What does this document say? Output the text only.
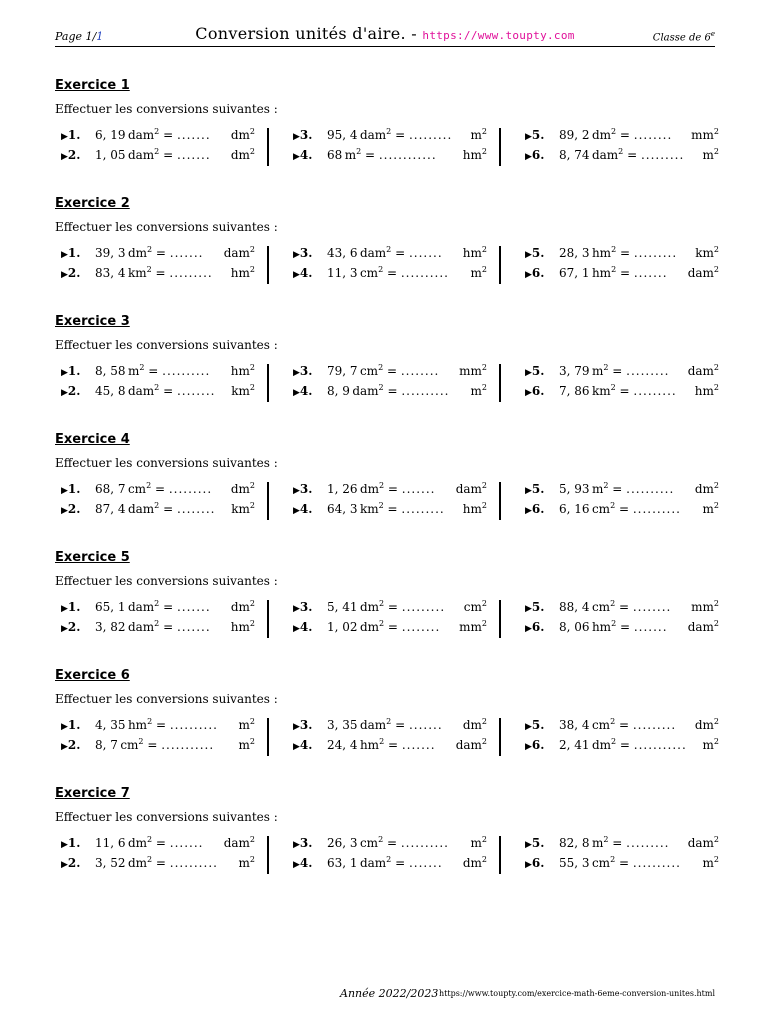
Page 1/1	Conversion unités d'aire. - https://www.toupty.com	Classe de 6e
Exercice 1
Effectuer les conversions suivantes :
▶1. 6, 19  dam$^2$ = ....... $dm^2$
▶2. 1, 05  dam$^2$ = ....... $dm^2$
▶3. 95, 4  dam$^2$ = ......... $m^2$
▶4. 68  $m^2$ = ............ $hm^2$
▶5. 89, 2  $dm^2$ = ........ $mm^2$
▶6. 8, 74  dam$^2$ = ......... $m^2$
Exercice 2
Effectuer les conversions suivantes :
▶1. 39, 3  $dm^2$ = ....... dam$^2$
▶2. 83, 4  $km^2$ = ......... $hm^2$
▶3. 43, 6  dam$^2$ = ....... $hm^2$
▶4. 11, 3  $cm^2$ = .......... $m^2$
▶5. 28, 3  $hm^2$ = ......... $km^2$
▶6. 67, 1  $hm^2$ = ....... dam$^2$
Exercice 3
Effectuer les conversions suivantes :
▶1. 8, 58  $m^2$ = .......... $hm^2$
▶2. 45, 8  dam$^2$ = ........ $km^2$
▶3. 79, 7  $cm^2$ = ........ $mm^2$
▶4. 8, 9  dam$^2$ = .......... $m^2$
▶5. 3, 79  $m^2$ = ......... dam$^2$
▶6. 7, 86  $km^2$ = ......... $hm^2$
Exercice 4
Effectuer les conversions suivantes :
▶1. 68, 7  $cm^2$ = ......... $dm^2$
▶2. 87, 4  dam$^2$ = ........ $km^2$
▶3. 1, 26  $dm^2$ = ....... dam$^2$
▶4. 64, 3  $km^2$ = ......... $hm^2$
▶5. 5, 93  $m^2$ = .......... $dm^2$
▶6. 6, 16  $cm^2$ = .......... $m^2$
Exercice 5
Effectuer les conversions suivantes :
▶1. 65, 1  dam$^2$ = ....... $dm^2$
▶2. 3, 82  dam$^2$ = ....... $hm^2$
▶3. 5, 41  $dm^2$ = ......... $cm^2$
▶4. 1, 02  $dm^2$ = ........ $mm^2$
▶5. 88, 4  $cm^2$ = ........ $mm^2$
▶6. 8, 06  $hm^2$ = ....... dam$^2$
Exercice 6
Effectuer les conversions suivantes :
▶1. 4, 35  $hm^2$ = .......... $m^2$
▶2. 8, 7  $cm^2$ = ........... $m^2$
▶3. 3, 35  dam$^2$ = ....... $dm^2$
▶4. 24, 4  $hm^2$ = ....... dam$^2$
▶5. 38, 4  $cm^2$ = ......... $dm^2$
▶6. 2, 41  $dm^2$ = ........... $m^2$
Exercice 7
Effectuer les conversions suivantes :
▶1. 11, 6  $dm^2$ = ....... dam$^2$
▶2. 3, 52  $dm^2$ = .......... $m^2$
▶3. 26, 3  $cm^2$ = .......... $m^2$
▶4. 63, 1  dam$^2$ = ....... $dm^2$
▶5. 82, 8  $m^2$ = ......... dam$^2$
▶6. 55, 3  $cm^2$ = .......... $m^2$
Année 2022/2023 https://www.toupty.com/exercice-math-6eme-conversion-unites.html
